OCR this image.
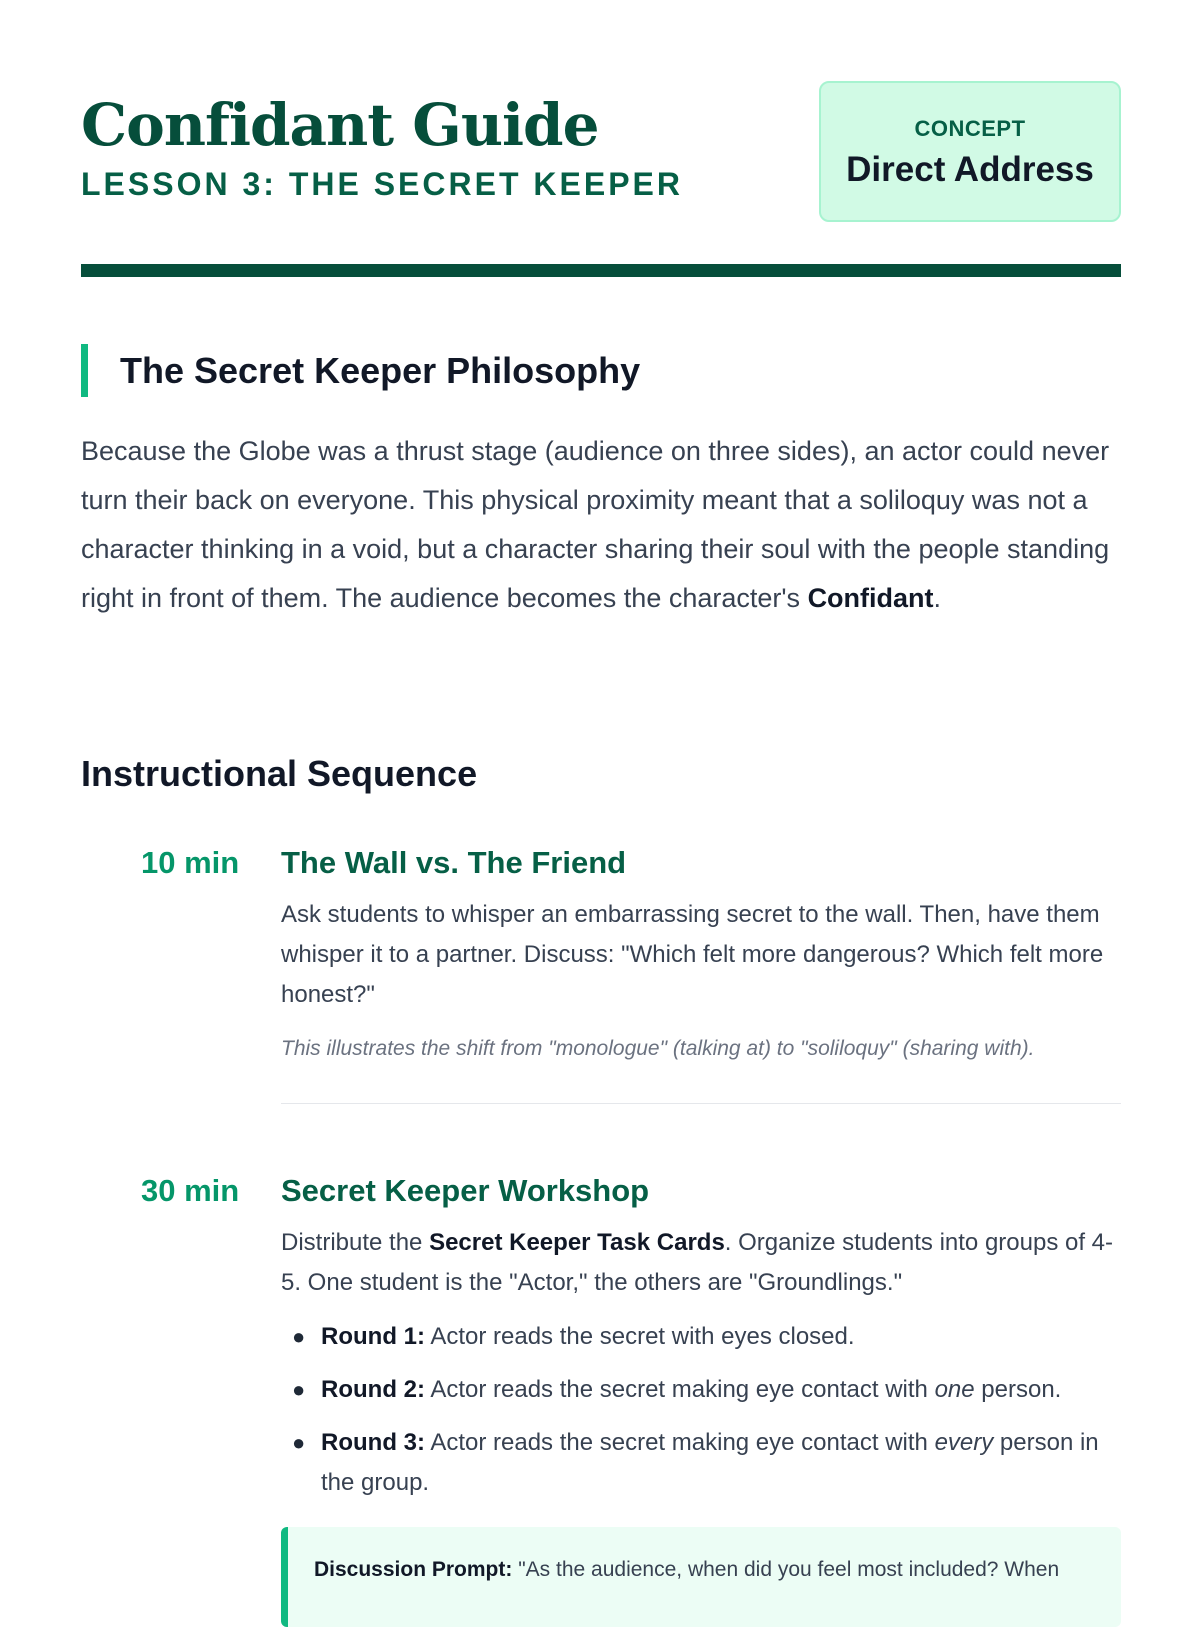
Confidant Guide
LESSON 3: THE SECRET KEEPER
CONCEPT
Direct Address
The Secret Keeper Philosophy

Because the Globe was a thrust stage (audience on three sides), an actor could never turn their back on everyone. This physical proximity meant that a soliloquy was not a character thinking in a void, but a character sharing their soul with the people standing right in front of them. The audience becomes the character's Confidant.

Instructional Sequence
10 min The Wall vs. The Friend

Ask students to whisper an embarrassing secret to the wall. Then, have them whisper it to a partner. Discuss: "Which felt more dangerous? Which felt more honest?"

This illustrates the shift from "monologue" (talking at) to "soliloquy" (sharing with).

30 min Secret Keeper Workshop

Distribute the Secret Keeper Task Cards. Organize students into groups of 4-5. One student is the "Actor," the others are "Groundlings."

● Round 1: Actor reads the secret with eyes closed.
● Round 2: Actor reads the secret making eye contact with one person.
● Round 3: Actor reads the secret making eye contact with every person in the group.
Discussion Prompt: "As the audience, when did you feel most included? When
